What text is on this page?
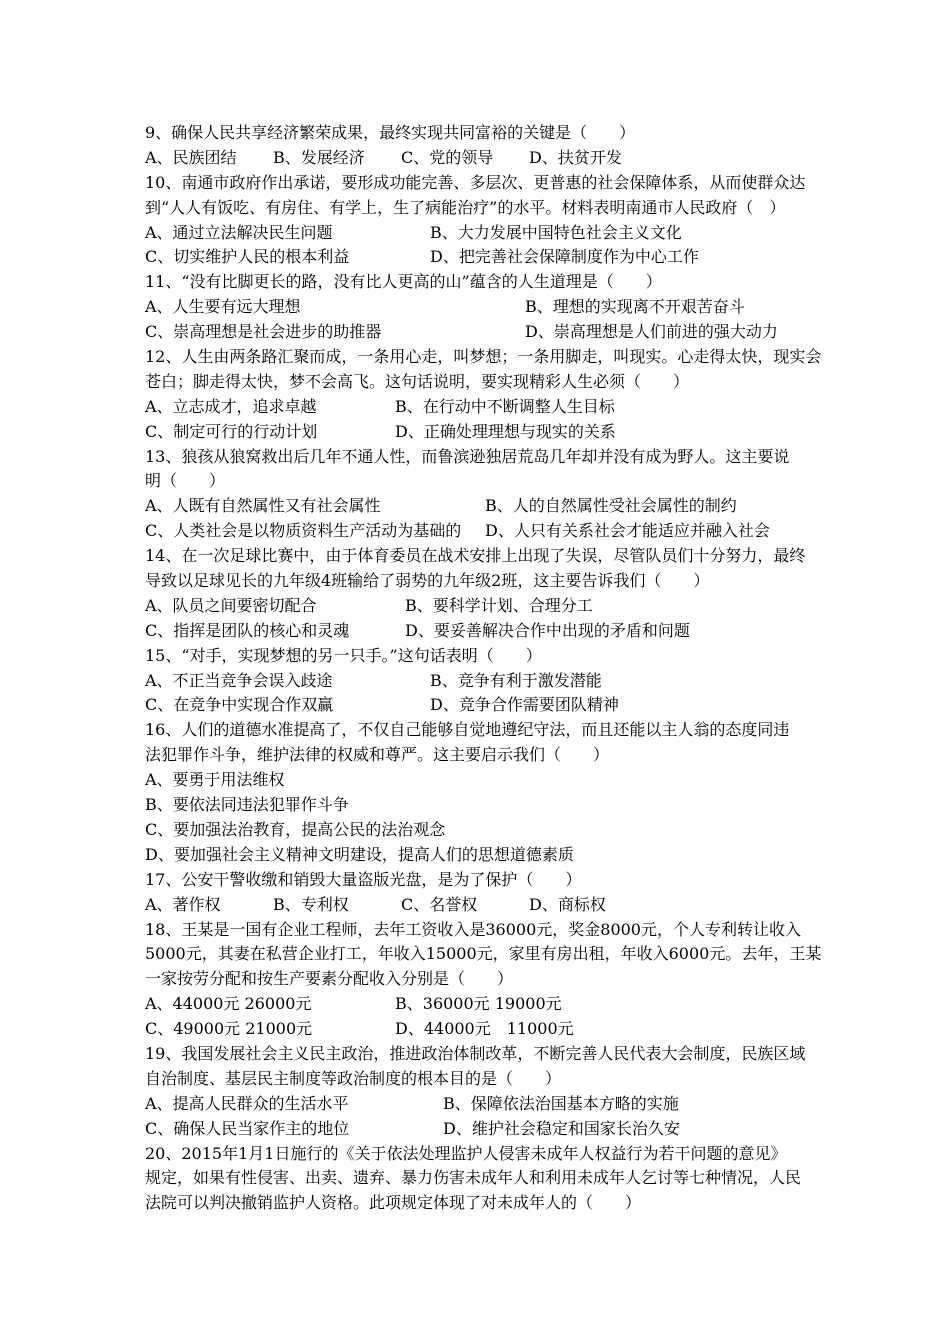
9、确保人民共享经济繁荣成果，最终实现共同富裕的关键是（　　）
A、民族团结	B、发展经济	C、党的领导	D、扶贫开发
10、南通市政府作出承诺，要形成功能完善、多层次、更普惠的社会保障体系，从而使群众达
到“人人有饭吃、有房住、有学上，生了病能治疗”的水平。材料表明南通市人民政府（　）
A、通过立法解决民生问题	B、大力发展中国特色社会主义文化
C、切实维护人民的根本利益	D、把完善社会保障制度作为中心工作
11、“没有比脚更长的路，没有比人更高的山”蕴含的人生道理是（　　）
A、人生要有远大理想	B、理想的实现离不开艰苦奋斗
C、崇高理想是社会进步的助推器	D、崇高理想是人们前进的强大动力
12、人生由两条路汇聚而成，一条用心走，叫梦想；一条用脚走，叫现实。心走得太快，现实会
苍白；脚走得太快，梦不会高飞。这句话说明，要实现精彩人生必须（　　）
A、立志成才，追求卓越	B、在行动中不断调整人生目标
C、制定可行的行动计划	D、正确处理理想与现实的关系
13、狼孩从狼窝救出后几年不通人性，而鲁滨逊独居荒岛几年却并没有成为野人。这主要说
明（　　）
A、人既有自然属性又有社会属性	B、人的自然属性受社会属性的制约
C、人类社会是以物质资料生产活动为基础的	D、人只有关系社会才能适应并融入社会
14、在一次足球比赛中，由于体育委员在战术安排上出现了失误，尽管队员们十分努力，最终
导致以足球见长的九年级4班输给了弱势的九年级2班，这主要告诉我们（　　）
A、队员之间要密切配合	B、要科学计划、合理分工
C、指挥是团队的核心和灵魂	D、要妥善解决合作中出现的矛盾和问题
15、“对手，实现梦想的另一只手。”这句话表明（　　）
A、不正当竞争会误入歧途	B、竞争有利于激发潜能
C、在竞争中实现合作双赢	D、竞争合作需要团队精神
16、人们的道德水准提高了，不仅自己能够自觉地遵纪守法，而且还能以主人翁的态度同违
法犯罪作斗争，维护法律的权威和尊严。这主要启示我们（　　）
A、要勇于用法维权
B、要依法同违法犯罪作斗争
C、要加强法治教育，提高公民的法治观念
D、要加强社会主义精神文明建设，提高人们的思想道德素质
17、公安干警收缴和销毁大量盗版光盘，是为了保护（　　）
A、著作权	B、专利权	C、名誉权	D、商标权
18、王某是一国有企业工程师，去年工资收入是36000元，奖金8000元，个人专利转让收入
5000元，其妻在私营企业打工，年收入15000元，家里有房出租，年收入6000元。去年，王某
一家按劳分配和按生产要素分配收入分别是（　　）
A、44000元 26000元	B、36000元 19000元
C、49000元 21000元	D、44000元　11000元
19、我国发展社会主义民主政治，推进政治体制改革，不断完善人民代表大会制度，民族区域
自治制度、基层民主制度等政治制度的根本目的是（　　）
A、提高人民群众的生活水平	B、保障依法治国基本方略的实施
C、确保人民当家作主的地位	D、维护社会稳定和国家长治久安
20、2015年1月1日施行的《关于依法处理监护人侵害未成年人权益行为若干问题的意见》
规定，如果有性侵害、出卖、遗弃、暴力伤害未成年人和利用未成年人乞讨等七种情况，人民
法院可以判决撤销监护人资格。此项规定体现了对未成年人的（　　）
